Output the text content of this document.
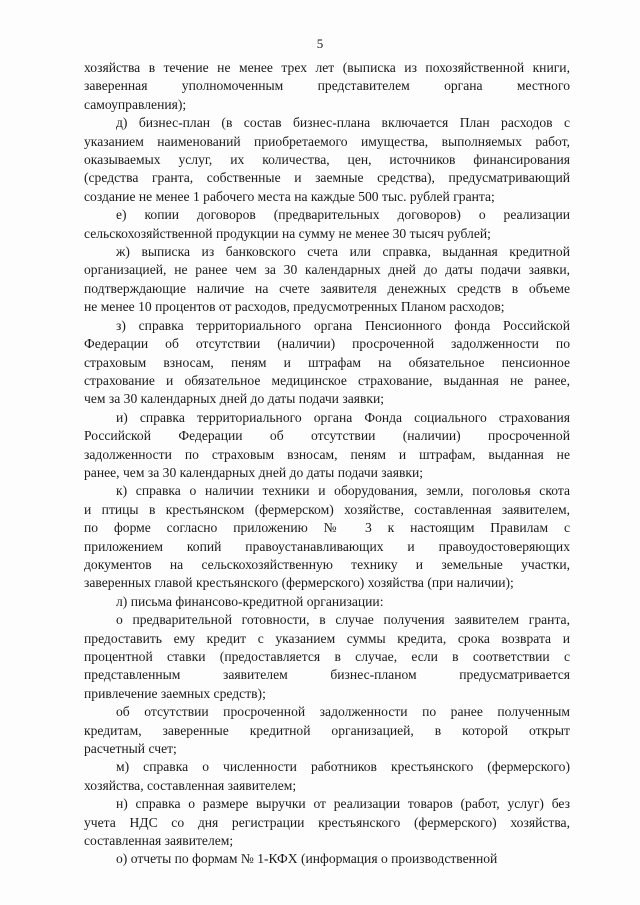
5
хозяйства в течение не менее трех лет (выписка из похозяйственной книги,
заверенная уполномоченным представителем органа местного
самоуправления);
д) бизнес-план (в состав бизнес-плана включается План расходов с
указанием наименований приобретаемого имущества, выполняемых работ,
оказываемых услуг, их количества, цен, источников финансирования
(средства гранта, собственные и заемные средства), предусматривающий
создание не менее 1 рабочего места на каждые 500 тыс. рублей гранта;
е) копии договоров (предварительных договоров) о реализации
сельскохозяйственной продукции на сумму не менее 30 тысяч рублей;
ж) выписка из банковского счета или справка, выданная кредитной
организацией, не ранее чем за 30 календарных дней до даты подачи заявки,
подтверждающие наличие на счете заявителя денежных средств в объеме
не менее 10 процентов от расходов, предусмотренных Планом расходов;
з) справка территориального органа Пенсионного фонда Российской
Федерации об отсутствии (наличии) просроченной задолженности по
страховым взносам, пеням и штрафам на обязательное пенсионное
страхование и обязательное медицинское страхование, выданная не ранее,
чем за 30 календарных дней до даты подачи заявки;
и) справка территориального органа Фонда социального страхования
Российской Федерации об отсутствии (наличии) просроченной
задолженности по страховым взносам, пеням и штрафам, выданная не
ранее, чем за 30 календарных дней до даты подачи заявки;
к) справка о наличии техники и оборудования, земли, поголовья скота
и птицы в крестьянском (фермерском) хозяйстве, составленная заявителем,
по форме согласно приложению № 3 к настоящим Правилам с
приложением копий правоустанавливающих и правоудостоверяющих
документов на сельскохозяйственную технику и земельные участки,
заверенных главой крестьянского (фермерского) хозяйства (при наличии);
л) письма финансово-кредитной организации:
о предварительной готовности, в случае получения заявителем гранта,
предоставить ему кредит с указанием суммы кредита, срока возврата и
процентной ставки (предоставляется в случае, если в соответствии с
представленным заявителем бизнес-планом предусматривается
привлечение заемных средств);
об отсутствии просроченной задолженности по ранее полученным
кредитам, заверенные кредитной организацией, в которой открыт
расчетный счет;
м) справка о численности работников крестьянского (фермерского)
хозяйства, составленная заявителем;
н) справка о размере выручки от реализации товаров (работ, услуг) без
учета НДС со дня регистрации крестьянского (фермерского) хозяйства,
составленная заявителем;
о) отчеты по формам № 1-КФХ (информация о производственной
